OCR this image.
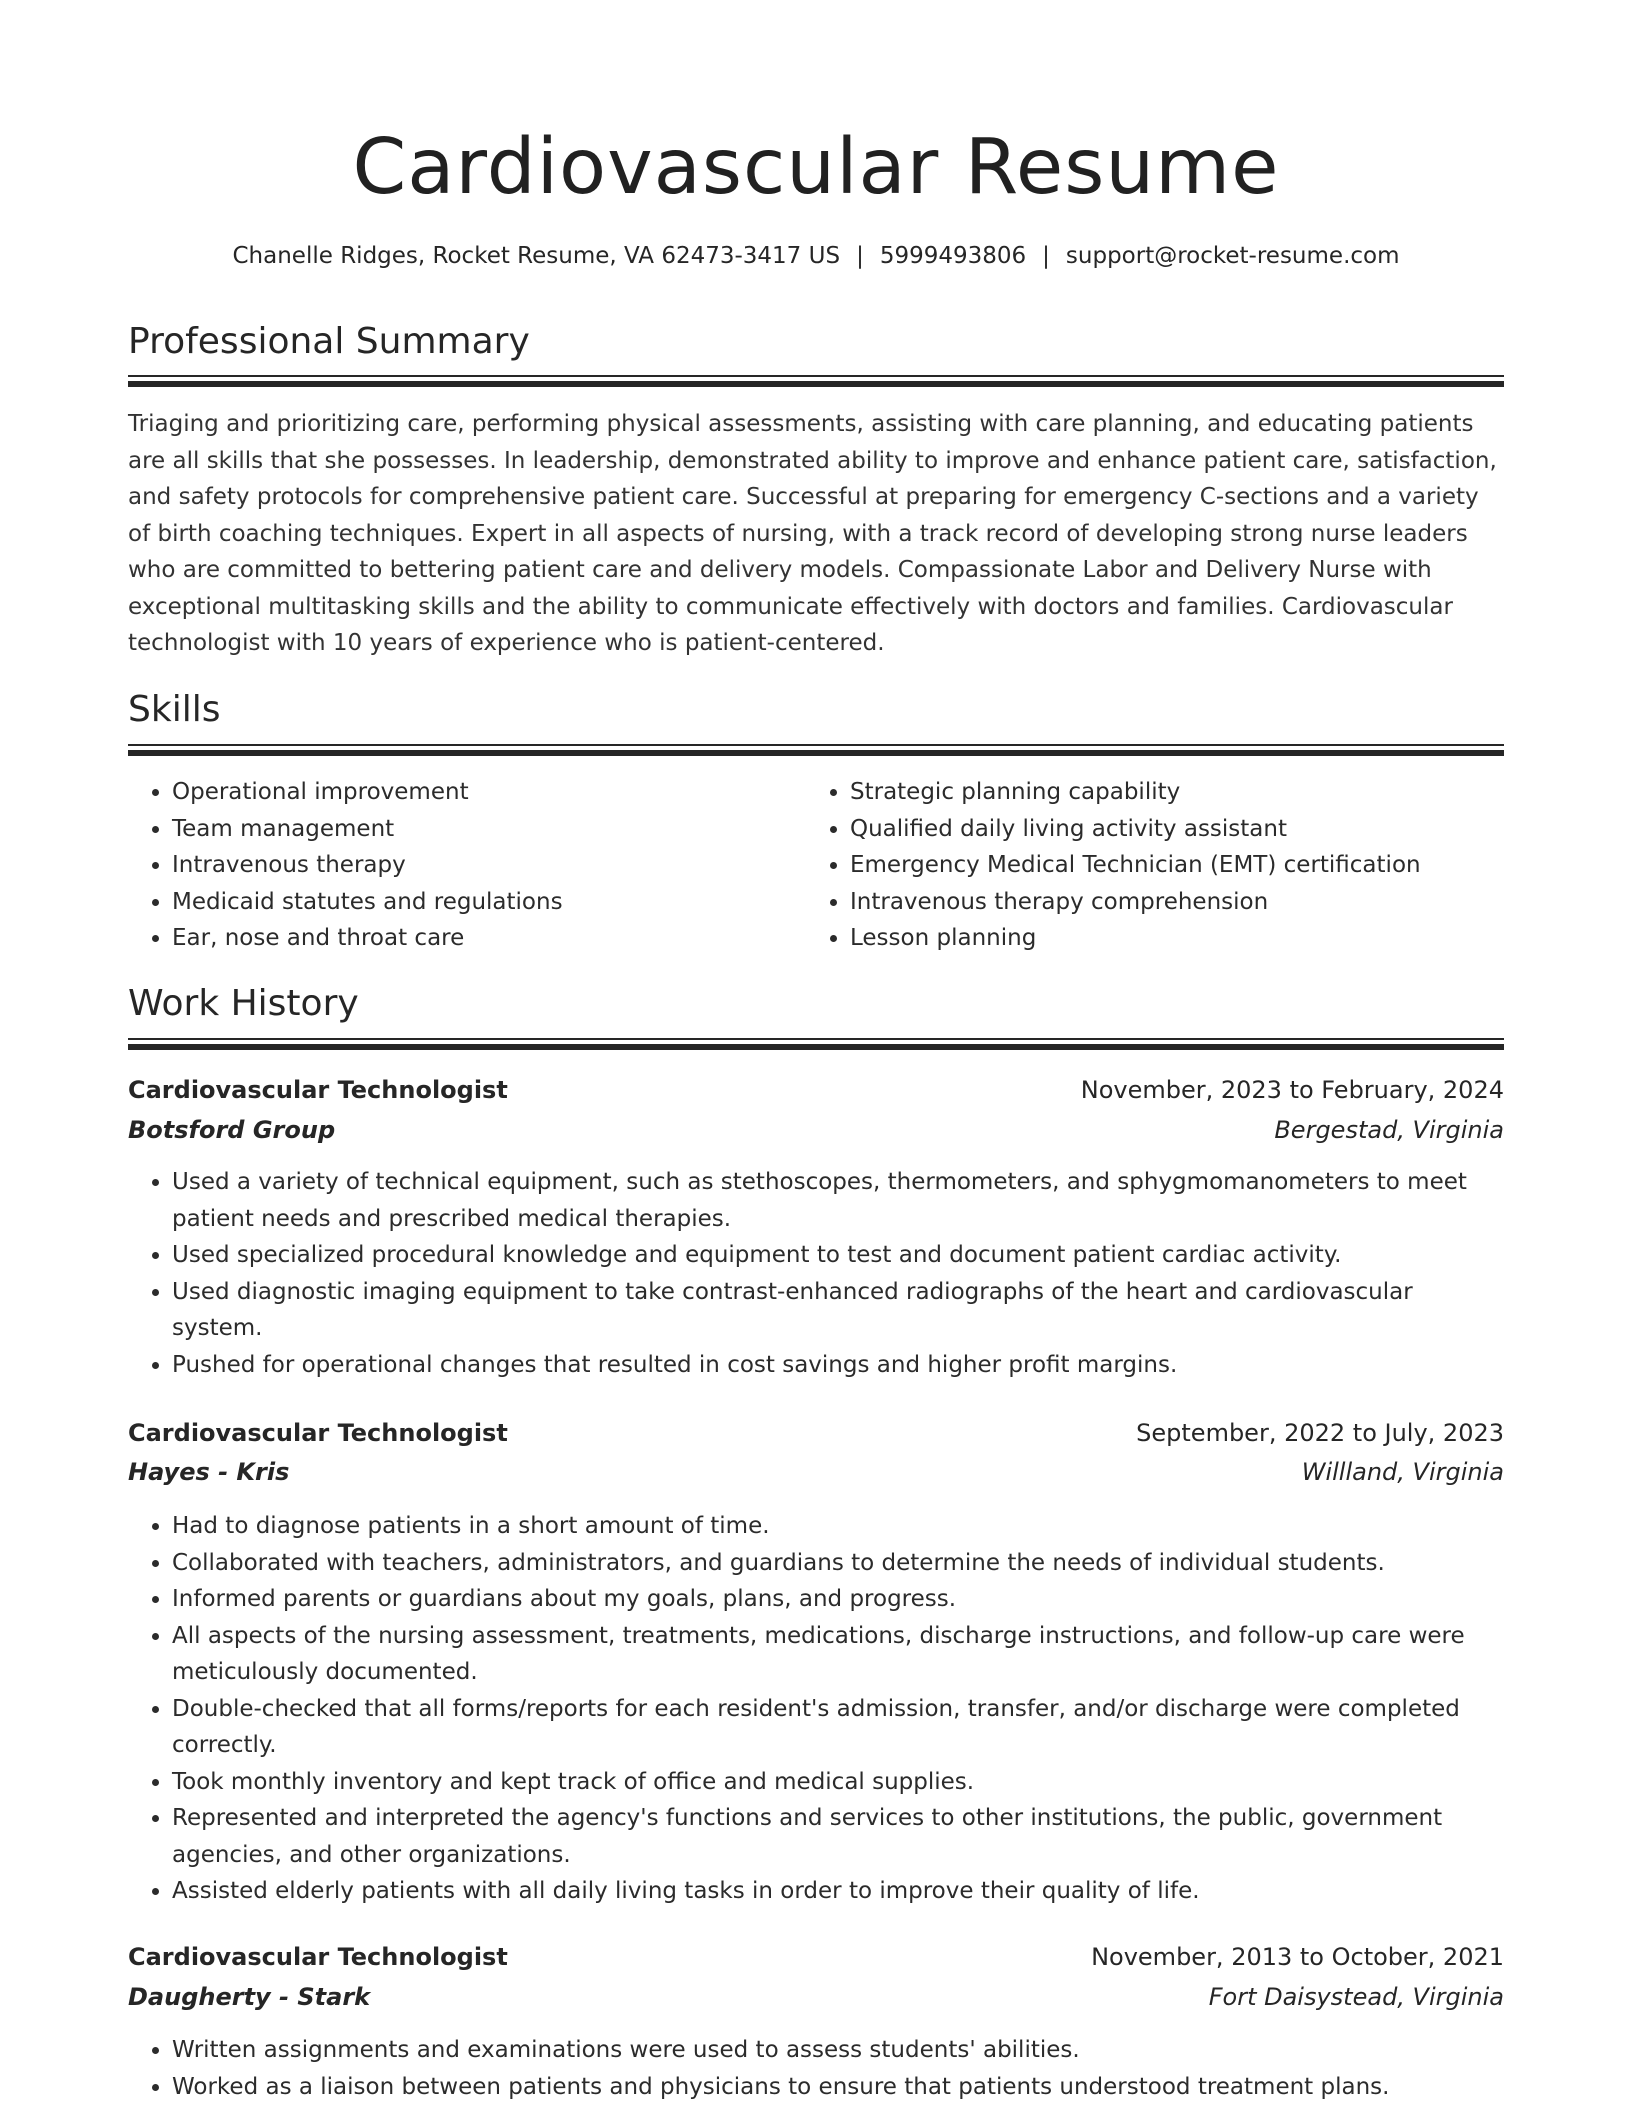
Cardiovascular Resume
Chanelle Ridges, Rocket Resume, VA 62473-3417 US | 5999493806 | support@rocket-resume.com
Professional Summary

Triaging and prioritizing care, performing physical assessments, assisting with care planning, and educating patients are all skills that she possesses. In leadership, demonstrated ability to improve and enhance patient care, satisfaction, and safety protocols for comprehensive patient care. Successful at preparing for emergency C-sections and a variety of birth coaching techniques. Expert in all aspects of nursing, with a track record of developing strong nurse leaders who are committed to bettering patient care and delivery models. Compassionate Labor and Delivery Nurse with exceptional multitasking skills and the ability to communicate effectively with doctors and families. Cardiovascular technologist with 10 years of experience who is patient-centered.

Skills
• Operational improvement
• Team management
• Intravenous therapy
• Medicaid statutes and regulations
• Ear, nose and throat care
• Strategic planning capability
• Qualified daily living activity assistant
• Emergency Medical Technician (EMT) certification
• Intravenous therapy comprehension
• Lesson planning
Work History
Cardiovascular Technologist	November, 2023 to February, 2024
Botsford Group	Bergestad, Virginia
• Used a variety of technical equipment, such as stethoscopes, thermometers, and sphygmomanometers to meet patient needs and prescribed medical therapies.
• Used specialized procedural knowledge and equipment to test and document patient cardiac activity.
• Used diagnostic imaging equipment to take contrast-enhanced radiographs of the heart and cardiovascular system.
• Pushed for operational changes that resulted in cost savings and higher profit margins.
Cardiovascular Technologist	September, 2022 to July, 2023
Hayes - Kris	Willland, Virginia
• Had to diagnose patients in a short amount of time.
• Collaborated with teachers, administrators, and guardians to determine the needs of individual students.
• Informed parents or guardians about my goals, plans, and progress.
• All aspects of the nursing assessment, treatments, medications, discharge instructions, and follow-up care were meticulously documented.
• Double-checked that all forms/reports for each resident's admission, transfer, and/or discharge were completed correctly.
• Took monthly inventory and kept track of office and medical supplies.
• Represented and interpreted the agency's functions and services to other institutions, the public, government agencies, and other organizations.
• Assisted elderly patients with all daily living tasks in order to improve their quality of life.
Cardiovascular Technologist	November, 2013 to October, 2021
Daugherty - Stark	Fort Daisystead, Virginia
• Written assignments and examinations were used to assess students' abilities.
• Worked as a liaison between patients and physicians to ensure that patients understood treatment plans.
